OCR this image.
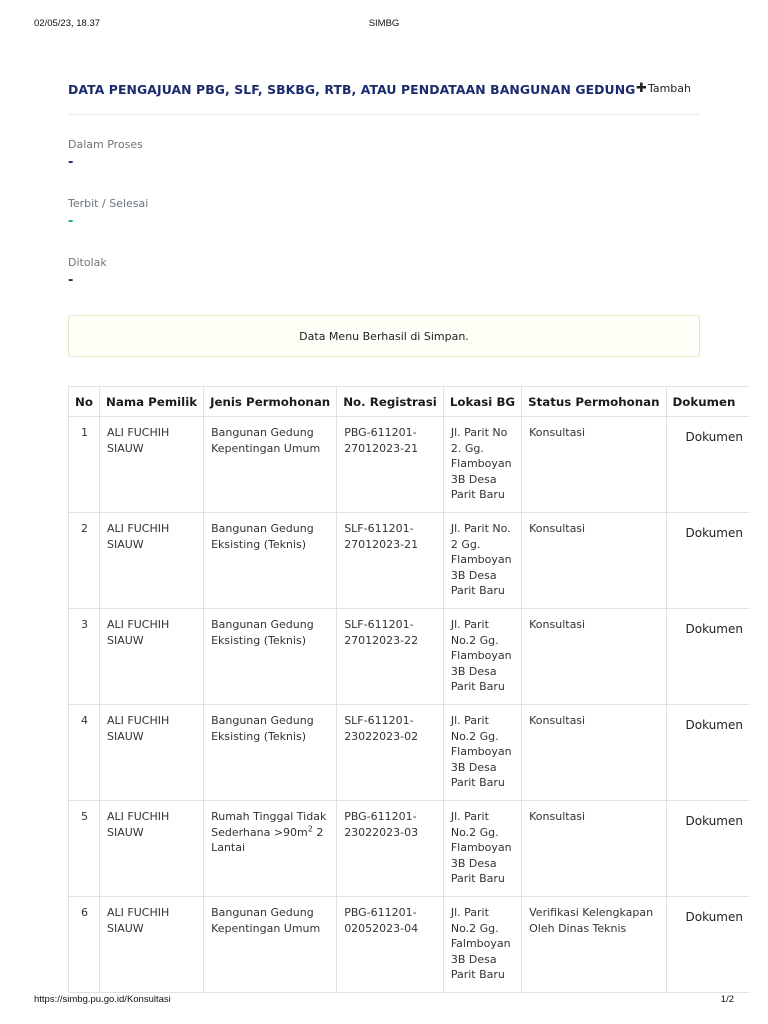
02/05/23, 18.37	SIMBG
DATA PENGAJUAN PBG, SLF, SBKBG, RTB, ATAU PENDATAAN BANGUNAN GEDUNG ✚ Tambah
Dalam Proses
-
Terbit / Selesai
-
Ditolak
-
Data Menu Berhasil di Simpan.
No	Nama Pemilik	Jenis Permohonan	No. Registrasi	Lokasi BG	Status Permohonan	Dokumen
1	ALI FUCHIH SIAUW	Bangunan Gedung Kepentingan Umum	PBG-611201-27012023-21	Jl. Parit No 2. Gg. Flamboyan 3B Desa Parit Baru	Konsultasi	Dokumen
2	ALI FUCHIH SIAUW	Bangunan Gedung Eksisting (Teknis)	SLF-611201-27012023-21	Jl. Parit No. 2 Gg. Flamboyan 3B Desa Parit Baru	Konsultasi	Dokumen
3	ALI FUCHIH SIAUW	Bangunan Gedung Eksisting (Teknis)	SLF-611201-27012023-22	Jl. Parit No.2 Gg. Flamboyan 3B Desa Parit Baru	Konsultasi	Dokumen
4	ALI FUCHIH SIAUW	Bangunan Gedung Eksisting (Teknis)	SLF-611201-23022023-02	Jl. Parit No.2 Gg. Flamboyan 3B Desa Parit Baru	Konsultasi	Dokumen
5	ALI FUCHIH SIAUW	Rumah Tinggal Tidak Sederhana $>90m^2$ 2 Lantai	PBG-611201-23022023-03	Jl. Parit No.2 Gg. Flamboyan 3B Desa Parit Baru	Konsultasi	Dokumen
6	ALI FUCHIH SIAUW	Bangunan Gedung Kepentingan Umum	PBG-611201-02052023-04	Jl. Parit No.2 Gg. Falmboyan 3B Desa Parit Baru	Verifikasi Kelengkapan Oleh Dinas Teknis	Dokumen
https://simbg.pu.go.id/Konsultasi	1/2
